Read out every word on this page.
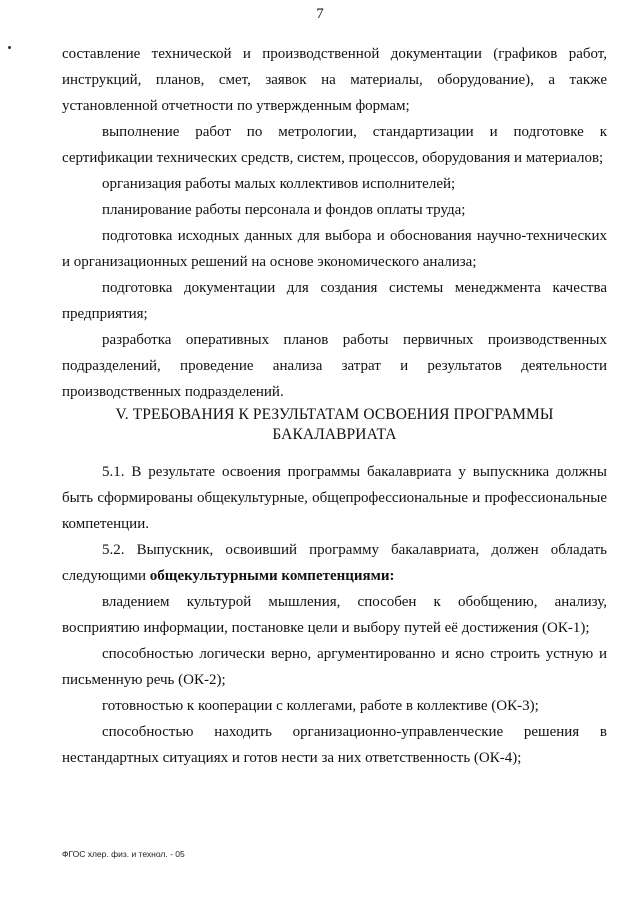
7

составление технической и производственной документации (графиков работ, инструкций, планов, смет, заявок на материалы, оборудование), а также установленной отчетности по утвержденным формам;

выполнение работ по метрологии, стандартизации и подготовке к сертификации технических средств, систем, процессов, оборудования и материалов;

организация работы малых коллективов исполнителей;

планирование работы персонала и фондов оплаты труда;

подготовка исходных данных для выбора и обоснования научно-технических и организационных решений на основе экономического анализа;

подготовка документации для создания системы менеджмента качества предприятия;

разработка оперативных планов работы первичных производственных подразделений, проведение анализа затрат и результатов деятельности производственных подразделений.

V. ТРЕБОВАНИЯ К РЕЗУЛЬТАТАМ ОСВОЕНИЯ ПРОГРАММЫ
БАКАЛАВРИАТА

5.1. В результате освоения программы бакалавриата у выпускника должны быть сформированы общекультурные, общепрофессиональные и профессиональные компетенции.

5.2. Выпускник, освоивший программу бакалавриата, должен обладать следующими общекультурными компетенциями:

владением культурой мышления, способен к обобщению, анализу, восприятию информации, постановке цели и выбору путей её достижения (ОК-1);

способностью логически верно, аргументированно и ясно строить устную и письменную речь (ОК-2);

готовностью к кооперации с коллегами, работе в коллективе (ОК-3);

способностью находить организационно-управленческие решения в нестандартных ситуациях и готов нести за них ответственность (ОК-4);

ФГОС хлер. физ. и технол. - 05
